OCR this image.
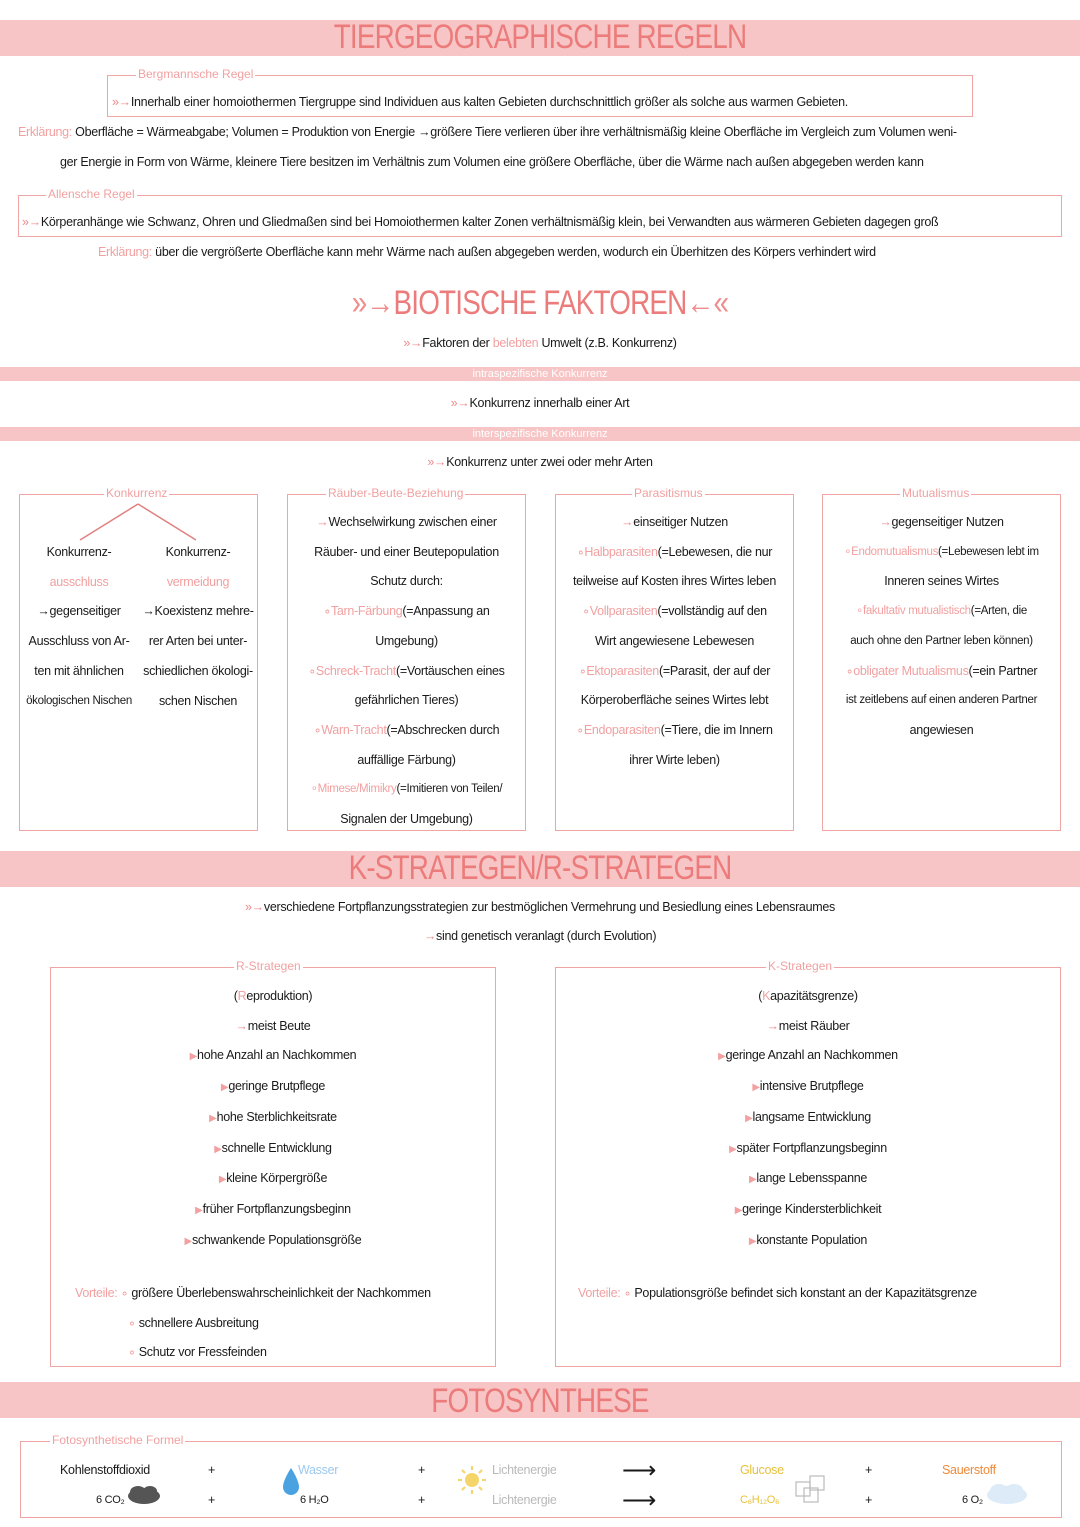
TIERGEOGRAPHISCHE REGELN
Bergmannsche Regel
»→Innerhalb einer homoiothermen Tiergruppe sind Individuen aus kalten Gebieten durchschnittlich größer als solche aus warmen Gebieten.
Erklärung: Oberfläche = Wärmeabgabe; Volumen = Produktion von Energie →größere Tiere verlieren über ihre verhältnismäßig kleine Oberfläche im Vergleich zum Volumen weni-
ger Energie in Form von Wärme, kleinere Tiere besitzen im Verhältnis zum Volumen eine größere Oberfläche, über die Wärme nach außen abgegeben werden kann
Allensche Regel
»→Körperanhänge wie Schwanz, Ohren und Gliedmaßen sind bei Homoiothermen kalter Zonen verhältnismäßig klein, bei Verwandten aus wärmeren Gebieten dagegen groß
Erklärung: über die vergrößerte Oberfläche kann mehr Wärme nach außen abgegeben werden, wodurch ein Überhitzen des Körpers verhindert wird
»→BIOTISCHE FAKTOREN←«
»→Faktoren der belebten Umwelt (z.B. Konkurrenz)
intraspezifische Konkurrenz
»→Konkurrenz innerhalb einer Art
interspezifische Konkurrenz
»→Konkurrenz unter zwei oder mehr Arten
Konkurrenz
Konkurrenz-
ausschluss
→gegenseitiger
Ausschluss von Ar-
ten mit ähnlichen
ökologischen Nischen
Konkurrenz-
vermeidung
→Koexistenz mehre-
rer Arten bei unter-
schiedlichen ökologi-
schen Nischen
Räuber-Beute-Beziehung
→Wechselwirkung zwischen einer
Räuber- und einer Beutepopulation
Schutz durch:
∘Tarn-Färbung(=Anpassung an
Umgebung)
∘Schreck-Tracht(=Vortäuschen eines
gefährlichen Tieres)
∘Warn-Tracht(=Abschrecken durch
auffällige Färbung)
∘Mimese/Mimikry(=Imitieren von Teilen/
Signalen der Umgebung)
Parasitismus
→einseitiger Nutzen
∘Halbparasiten(=Lebewesen, die nur
teilweise auf Kosten ihres Wirtes leben
∘Vollparasiten(=vollständig auf den
Wirt angewiesene Lebewesen
∘Ektoparasiten(=Parasit, der auf der
Körperoberfläche seines Wirtes lebt
∘Endoparasiten(=Tiere, die im Innern
ihrer Wirte leben)
Mutualismus
→gegenseitiger Nutzen
∘Endomutualismus(=Lebewesen lebt im
Inneren seines Wirtes
∘fakultativ mutualistisch(=Arten, die
auch ohne den Partner leben können)
∘obligater Mutualismus(=ein Partner
ist zeitlebens auf einen anderen Partner
angewiesen
K-STRATEGEN/R-STRATEGEN
»→verschiedene Fortpflanzungsstrategien zur bestmöglichen Vermehrung und Besiedlung eines Lebensraumes
→sind genetisch veranlagt (durch Evolution)
R-Strategen
(Reproduktion)
→meist Beute
▶hohe Anzahl an Nachkommen
▶geringe Brutpflege
▶hohe Sterblichkeitsrate
▶schnelle Entwicklung
▶kleine Körpergröße
▶früher Fortpflanzungsbeginn
▶schwankende Populationsgröße
Vorteile: ∘ größere Überlebenswahrscheinlichkeit der Nachkommen
∘ schnellere Ausbreitung
∘ Schutz vor Fressfeinden
K-Strategen
(Kapazitätsgrenze)
→meist Räuber
▶geringe Anzahl an Nachkommen
▶intensive Brutpflege
▶langsame Entwicklung
▶später Fortpflanzungsbeginn
▶lange Lebensspanne
▶geringe Kindersterblichkeit
▶konstante Population
Vorteile: ∘ Populationsgröße befindet sich konstant an der Kapazitätsgrenze
FOTOSYNTHESE
Fotosynthetische Formel
Kohlenstoffdioxid
6 CO₂
+
+
Wasser
6 H₂O
+
+
Lichtenergie
Lichtenergie
⟶
⟶
Glucose
C₆H₁₂O₆
+
+
Sauerstoff
6 O₂
